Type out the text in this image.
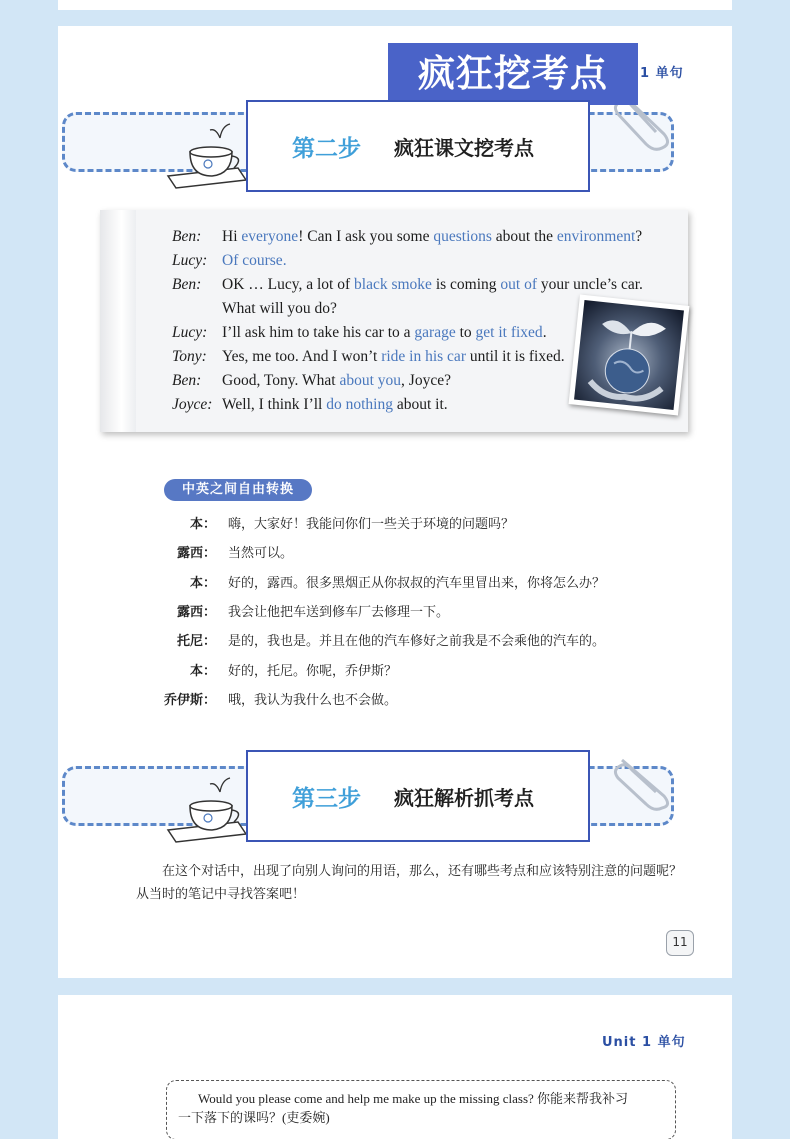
1 单句
疯狂挖考点
第二步 疯狂课文挖考点
Ben: Hi everyone! Can I ask you some questions about the environment?
Lucy: Of course.
Ben: OK … Lucy, a lot of black smoke is coming out of your uncle’s car.
What will you do?
Lucy: I’ll ask him to take his car to a garage to get it fixed.
Tony: Yes, me too. And I won’t ride in his car until it is fixed.
Ben: Good, Tony. What about you, Joyce?
Joyce: Well, I think I’ll do nothing about it.
中英之间自由转换
本： 嗨，大家好！我能问你们一些关于环境的问题吗？
露西： 当然可以。
本： 好的，露西。很多黑烟正从你叔叔的汽车里冒出来，你将怎么办？
露西： 我会让他把车送到修车厂去修理一下。
托尼： 是的，我也是。并且在他的汽车修好之前我是不会乘他的汽车的。
本： 好的，托尼。你呢，乔伊斯？
乔伊斯： 哦，我认为我什么也不会做。
第三步 疯狂解析抓考点
在这个对话中，出现了向别人询问的用语，那么，还有哪些考点和应该特别注意的问题呢？从当时的笔记中寻找答案吧！
11
Unit 1 单句
Would you please come and help me make up the missing class? 你能来帮我补习
一下落下的课吗？(吏委婉)
